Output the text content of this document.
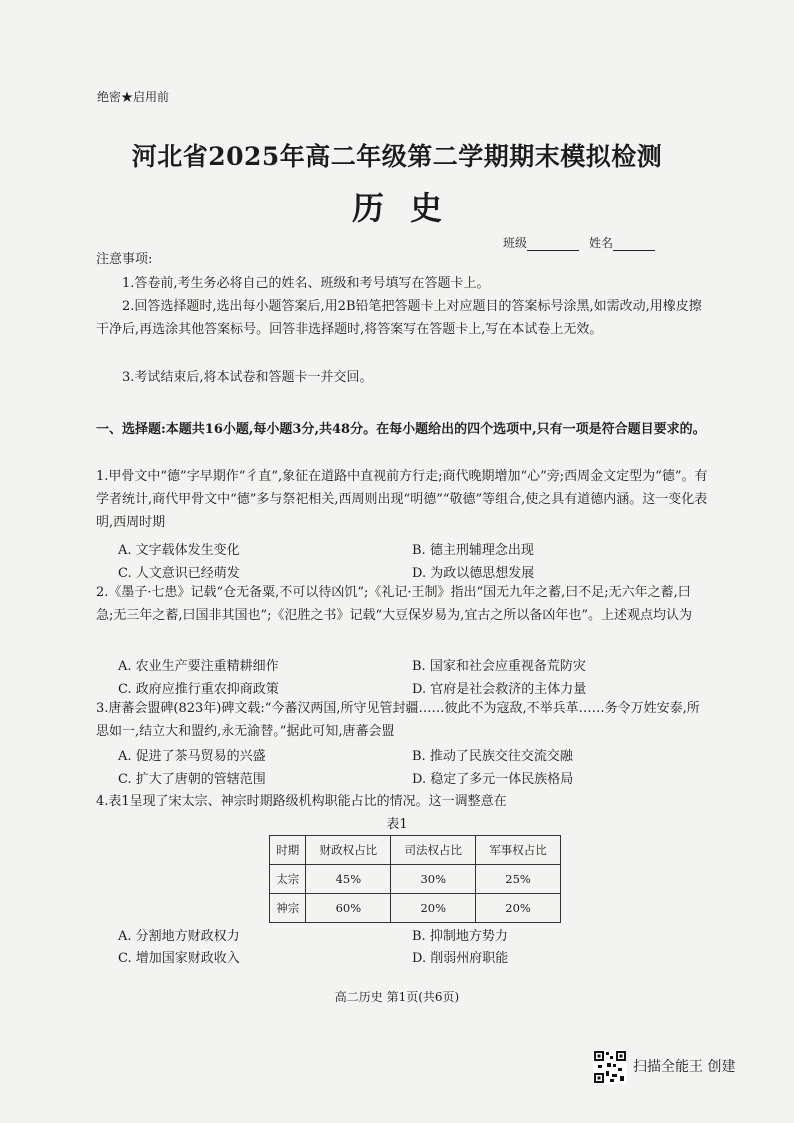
绝密★启用前
河北省2025年高二年级第二学期期末模拟检测
历史
班级	姓名
注意事项:
1.答卷前,考生务必将自己的姓名、班级和考号填写在答题卡上。
2.回答选择题时,选出每小题答案后,用2B铅笔把答题卡上对应题目的答案标号涂黑,如需改动,用橡皮擦干净后,再选涂其他答案标号。回答非选择题时,将答案写在答题卡上,写在本试卷上无效。
3.考试结束后,将本试卷和答题卡一并交回。
一、选择题:本题共16小题,每小题3分,共48分。在每小题给出的四个选项中,只有一项是符合题目要求的。
1.甲骨文中“德”字早期作“彳直”,象征在道路中直视前方行走;商代晚期增加“心”旁;西周金文定型为“德”。有学者统计,商代甲骨文中“德”多与祭祀相关,西周则出现“明德”“敬德”等组合,使之具有道德内涵。这一变化表明,西周时期
A. 文字载体发生变化	B. 德主刑辅理念出现
C. 人文意识已经萌发	D. 为政以德思想发展
2.《墨子·七患》记载“仓无备粟,不可以待凶饥”;《礼记·王制》指出“国无九年之蓄,曰不足;无六年之蓄,曰急;无三年之蓄,曰国非其国也”;《氾胜之书》记载“大豆保岁易为,宜古之所以备凶年也”。上述观点均认为
A. 农业生产要注重精耕细作	B. 国家和社会应重视备荒防灾
C. 政府应推行重农抑商政策	D. 官府是社会救济的主体力量
3.唐蕃会盟碑(823年)碑文载:“今蕃汉两国,所守见管封疆……彼此不为寇敌,不举兵革……务令万姓安泰,所思如一,结立大和盟约,永无渝替。”据此可知,唐蕃会盟
A. 促进了茶马贸易的兴盛	B. 推动了民族交往交流交融
C. 扩大了唐朝的管辖范围	D. 稳定了多元一体民族格局
4.表1呈现了宋太宗、神宗时期路级机构职能占比的情况。这一调整意在
表1
时期	财政权占比	司法权占比	军事权占比
太宗	45%	30%	25%
神宗	60%	20%	20%
A. 分割地方财政权力	B. 抑制地方势力
C. 增加国家财政收入	D. 削弱州府职能
高二历史 第1页(共6页)
扫描全能王 创建
